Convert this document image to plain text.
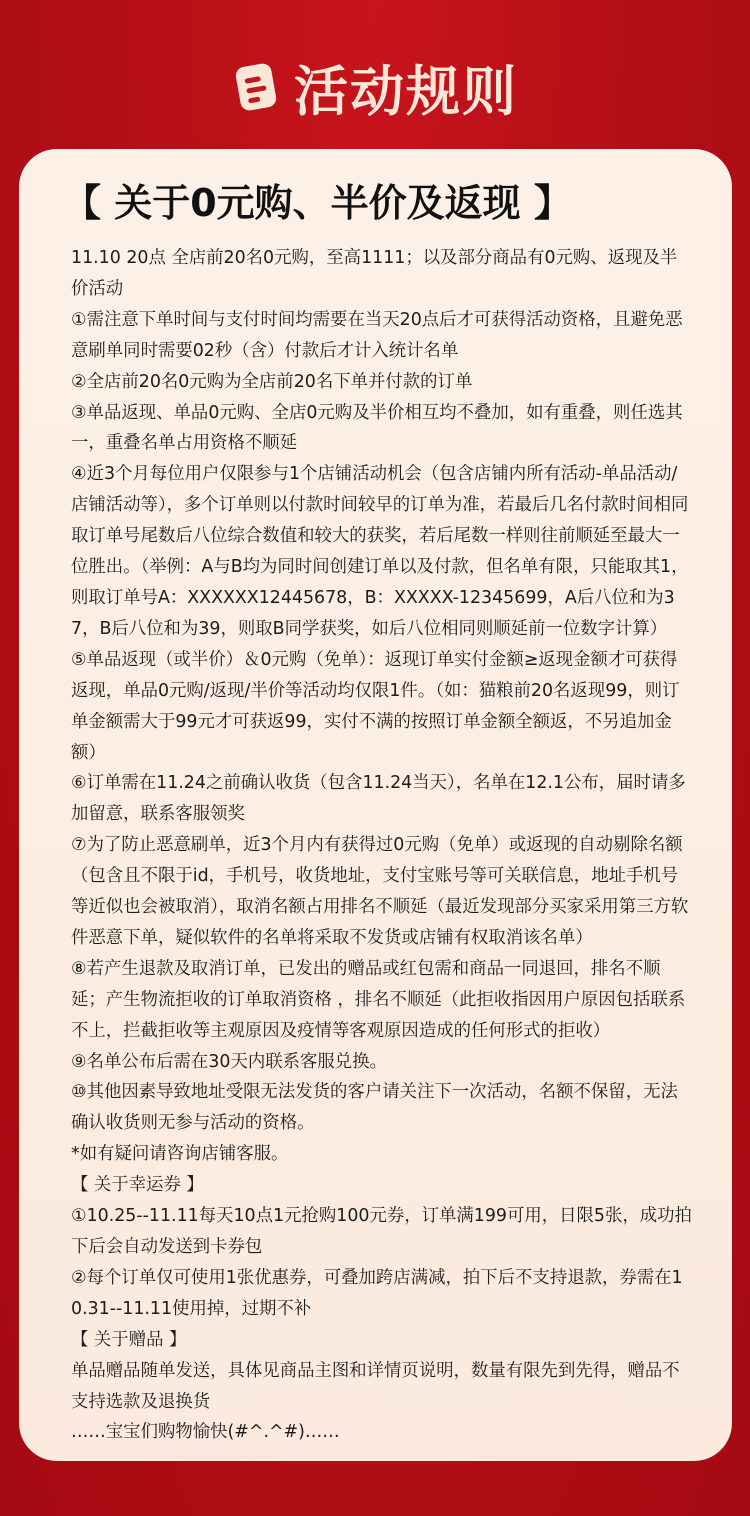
活动规则
【 关于0元购、半价及返现 】

11.10 20点 全店前20名0元购，至高1111；以及部分商品有0元购、返现及半价活动

①需注意下单时间与支付时间均需要在当天20点后才可获得活动资格，且避免恶意刷单同时需要02秒（含）付款后才计入统计名单

②全店前20名0元购为全店前20名下单并付款的订单

③单品返现、单品0元购、全店0元购及半价相互均不叠加，如有重叠，则任选其一，重叠名单占用资格不顺延

④近3个月每位用户仅限参与1个店铺活动机会（包含店铺内所有活动-单品活动/店铺活动等），多个订单则以付款时间较早的订单为准，若最后几名付款时间相同取订单号尾数后八位综合数值和较大的获奖，若后尾数一样则往前顺延至最大一位胜出。（举例：A与B均为同时间创建订单以及付款，但名单有限，只能取其1，则取订单号A：XXXXXX12445678，B：XXXXX-12345699，A后八位和为37，B后八位和为39，则取B同学获奖，如后八位相同则顺延前一位数字计算）

⑤单品返现（或半价）＆0元购（免单）：返现订单实付金额≥返现金额才可获得返现，单品0元购/返现/半价等活动均仅限1件。（如：猫粮前20名返现99，则订单金额需大于99元才可获返99，实付不满的按照订单金额全额返，不另追加金额）

⑥订单需在11.24之前确认收货（包含11.24当天），名单在12.1公布，届时请多加留意，联系客服领奖

⑦为了防止恶意刷单，近3个月内有获得过0元购（免单）或返现的自动剔除名额（包含且不限于id，手机号，收货地址，支付宝账号等可关联信息，地址手机号等近似也会被取消），取消名额占用排名不顺延（最近发现部分买家采用第三方软件恶意下单，疑似软件的名单将采取不发货或店铺有权取消该名单）

⑧若产生退款及取消订单，已发出的赠品或红包需和商品一同退回，排名不顺延；产生物流拒收的订单取消资格 ，排名不顺延（此拒收指因用户原因包括联系不上，拦截拒收等主观原因及疫情等客观原因造成的任何形式的拒收）

⑨名单公布后需在30天内联系客服兑换。

⑩其他因素导致地址受限无法发货的客户请关注下一次活动，名额不保留，无法确认收货则无参与活动的资格。

*如有疑问请咨询店铺客服。

【 关于幸运券 】

①10.25--11.11每天10点1元抢购100元券，订单满199可用，日限5张，成功拍下后会自动发送到卡券包

②每个订单仅可使用1张优惠券，可叠加跨店满减，拍下后不支持退款，券需在10.31--11.11使用掉，过期不补

【 关于赠品 】

单品赠品随单发送，具体见商品主图和详情页说明，数量有限先到先得，赠品不支持选款及退换货

……宝宝们购物愉快(#^.^#)……
